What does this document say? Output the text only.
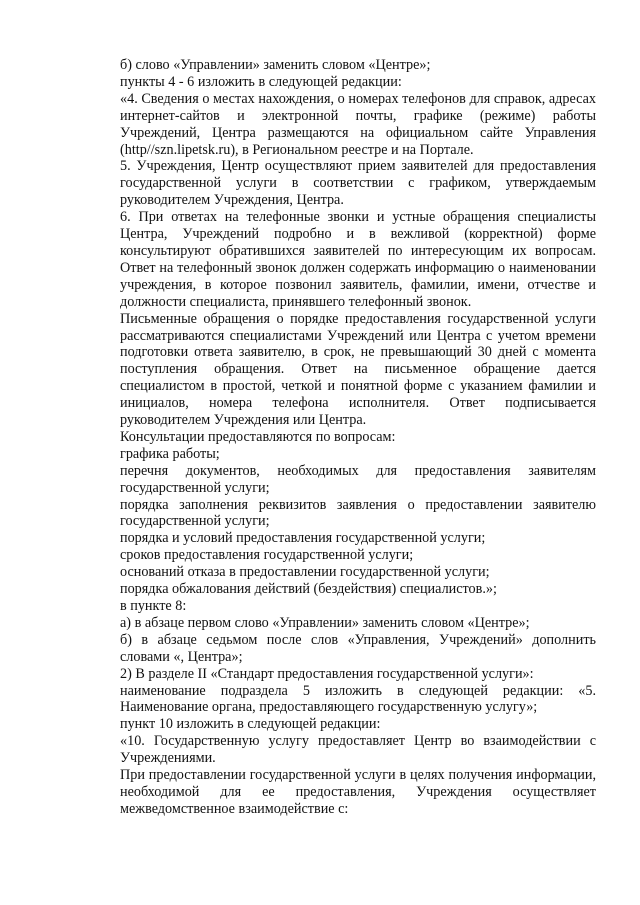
б) слово «Управлении» заменить словом «Центре»;

пункты 4 - 6 изложить в следующей редакции:

«4. Сведения о местах нахождения, о номерах телефонов для справок, адресах интернет-сайтов и электронной почты, графике (режиме) работы Учреждений, Центра размещаются на официальном сайте Управления (http//szn.lipetsk.ru), в Региональном реестре и на Портале.

5. Учреждения, Центр осуществляют прием заявителей для предоставления государственной услуги в соответствии с графиком, утверждаемым руководителем Учреждения, Центра.

6. При ответах на телефонные звонки и устные обращения специалисты Центра, Учреждений подробно и в вежливой (корректной) форме консультируют обратившихся заявителей по интересующим их вопросам. Ответ на телефонный звонок должен содержать информацию о наименовании учреждения, в которое позвонил заявитель, фамилии, имени, отчестве и должности специалиста, принявшего телефонный звонок.

Письменные обращения о порядке предоставления государственной услуги рассматриваются специалистами Учреждений или Центра с учетом времени подготовки ответа заявителю, в срок, не превышающий 30 дней с момента поступления обращения. Ответ на письменное обращение дается специалистом в простой, четкой и понятной форме с указанием фамилии и инициалов, номера телефона исполнителя. Ответ подписывается руководителем Учреждения или Центра.

Консультации предоставляются по вопросам:

графика работы;

перечня документов, необходимых для предоставления заявителям государственной услуги;

порядка заполнения реквизитов заявления о предоставлении заявителю государственной услуги;

порядка и условий предоставления государственной услуги;

сроков предоставления государственной услуги;

оснований отказа в предоставлении государственной услуги;

порядка обжалования действий (бездействия) специалистов.»;

в пункте 8:

а) в абзаце первом слово «Управлении» заменить словом «Центре»;

б) в абзаце седьмом после слов «Управления, Учреждений» дополнить словами «, Центра»;

2) В разделе II «Стандарт предоставления государственной услуги»:

наименование подраздела 5 изложить в следующей редакции: «5. Наименование органа, предоставляющего государственную услугу»;

пункт 10 изложить в следующей редакции:

«10. Государственную услугу предоставляет Центр во взаимодействии с Учреждениями.

При предоставлении государственной услуги в целях получения информации, необходимой для ее предоставления, Учреждения осуществляет межведомственное взаимодействие с:
